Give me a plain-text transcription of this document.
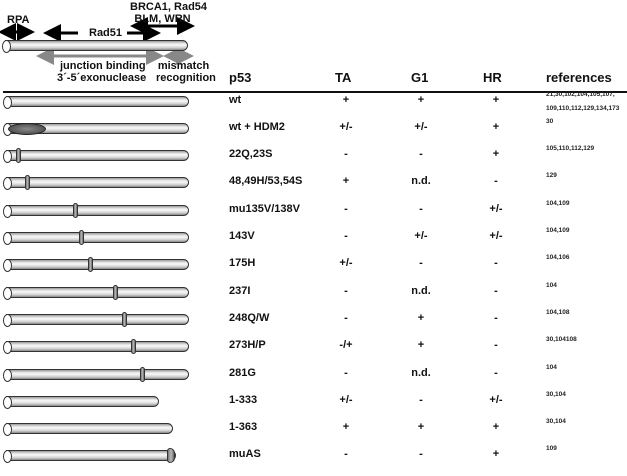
RPA
Rad51
BRCA1, Rad54
BLM, WRN
junction binding
3´-5´exonuclease
mismatch
recognition p53	TA	G1	HR	references
wt	+	+	+	21,30,102,104,105,107,
109,110,112,129,134,173
wt + HDM2	+/-	+/-	+	30
22Q,23S	-	-	+	105,110,112,129
48,49H/53,54S	+	n.d.	-	129
mu135V/138V	-	-	+/-	104,109
143V	-	+/-	+/-	104,109
175H	+/-	-	-	104,106
237I	-	n.d.	-	104
248Q/W	-	+	-	104,108
273H/P	-/+	+	-	30,104108
281G	-	n.d.	-	104
1-333	+/-	-	+/-	30,104
1-363	+	+	+	30,104
muAS	-	-	+	109
